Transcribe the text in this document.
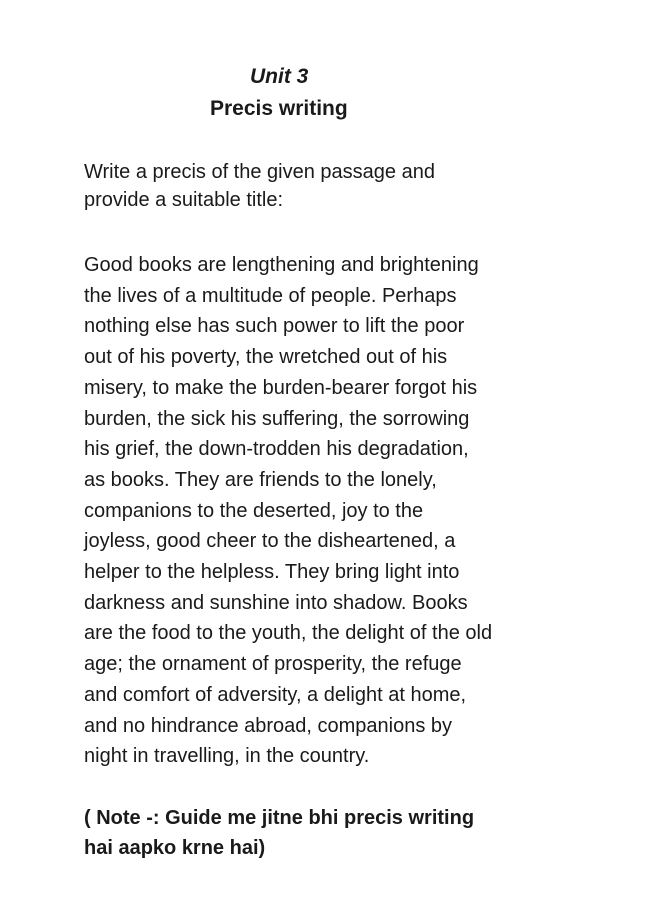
Unit 3
Precis writing
Write a precis of the given passage and
provide a suitable title:
Good books are lengthening and brightening
the lives of a multitude of people. Perhaps
nothing else has such power to lift the poor
out of his poverty, the wretched out of his
misery, to make the burden-bearer forgot his
burden, the sick his suffering, the sorrowing
his grief, the down-trodden his degradation,
as books. They are friends to the lonely,
companions to the deserted, joy to the
joyless, good cheer to the disheartened, a
helper to the helpless. They bring light into
darkness and sunshine into shadow. Books
are the food to the youth, the delight of the old
age; the ornament of prosperity, the refuge
and comfort of adversity, a delight at home,
and no hindrance abroad, companions by
night in travelling, in the country.
( Note -: Guide me jitne bhi precis writing
hai aapko krne hai)
